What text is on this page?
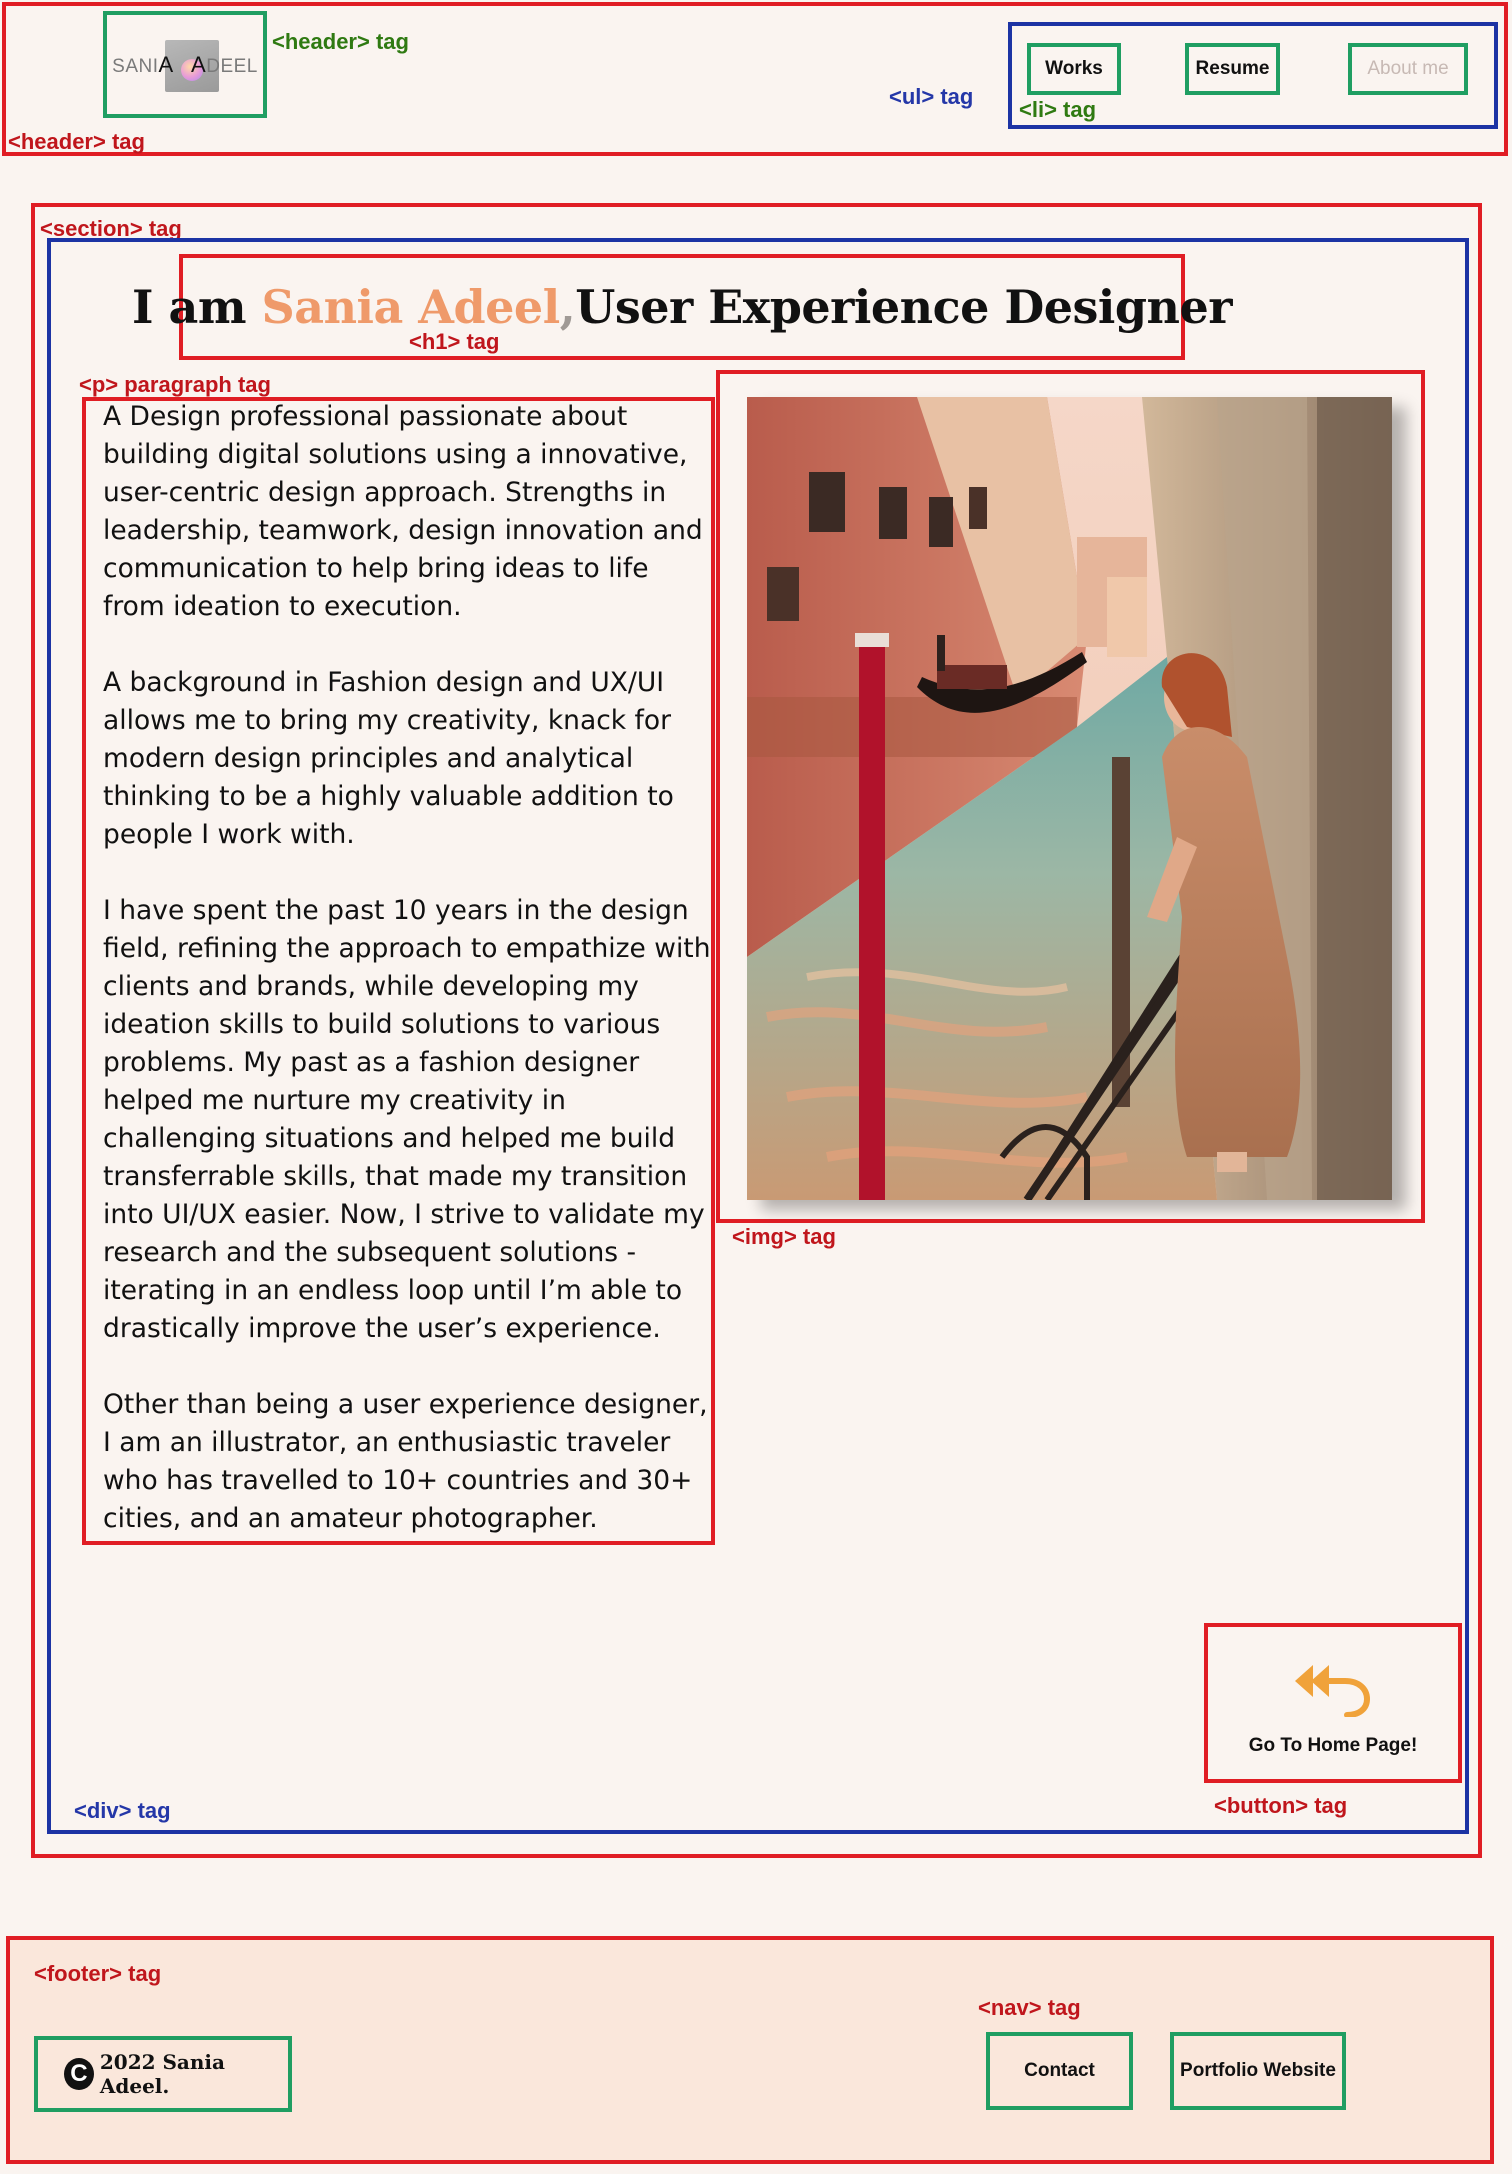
SANIA ADEEL
<header> tag
<header> tag
Works	Resume	About me
<ul> tag
<li> tag
<section> tag
I am Sania Adeel,User Experience Designer
<h1> tag
<p> paragraph tag

A Design professional passionate about building digital solutions using a innovative, user-centric design approach. Strengths in leadership, teamwork, design innovation and communication to help bring ideas to life from ideation to execution.

A background in Fashion design and UX/UI allows me to bring my creativity, knack for modern design principles and analytical thinking to be a highly valuable addition to people I work with.

I have spent the past 10 years in the design field, refining the approach to empathize with clients and brands, while developing my ideation skills to build solutions to various problems. My past as a fashion designer helped me nurture my creativity in challenging situations and helped me build transferrable skills, that made my transition into UI/UX easier. Now, I strive to validate my research and the subsequent solutions - iterating in an endless loop until I’m able to drastically improve the user’s experience.

Other than being a user experience designer, I am an illustrator, an enthusiastic traveler who has travelled to 10+ countries and 30+ cities, and an amateur photographer.

<img> tag
Go To Home Page!
<button> tag
<div> tag
<footer> tag
<nav> tag
C 2022 Sania Adeel.
Contact	Portfolio Website
